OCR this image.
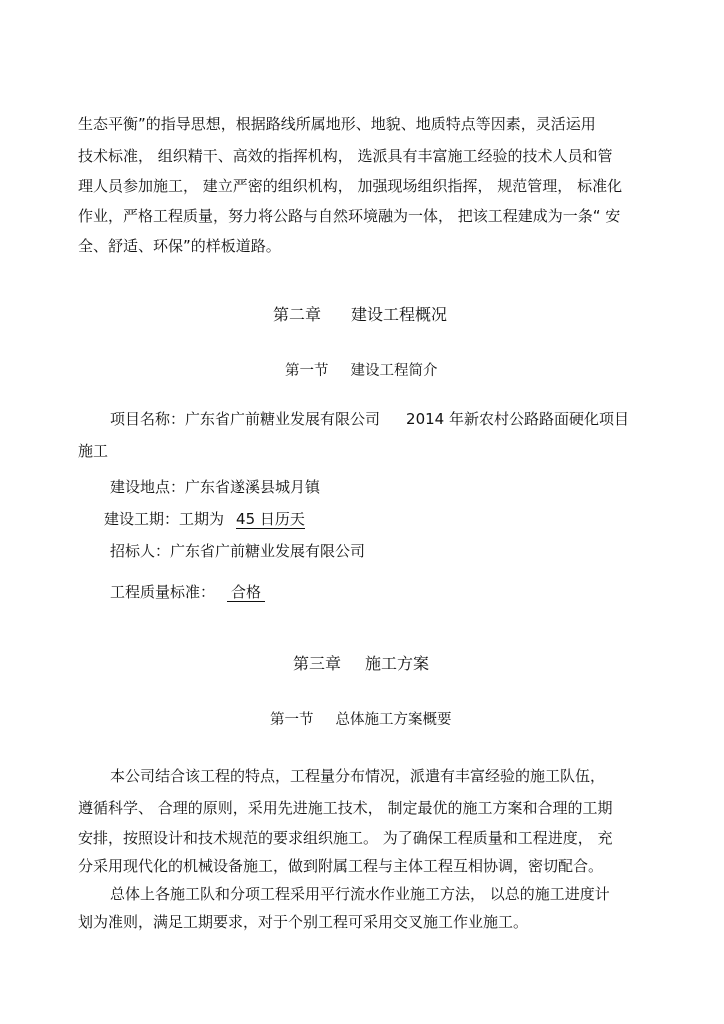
生态平衡”的指导思想，根据路线所属地形、地貌、地质特点等因素，灵活运用
技术标准， 组织精干、高效的指挥机构， 选派具有丰富施工经验的技术人员和管
理人员参加施工， 建立严密的组织机构， 加强现场组织指挥， 规范管理， 标准化
作业，严格工程质量，努力将公路与自然环境融为一体， 把该工程建成为一条“ 安
全、舒适、环保”的样板道路。
第二章 建设工程概况
第一节 建设工程简介
项目名称：广东省广前糖业发展有限公司 2014 年新农村公路路面硬化项目
施工
建设地点：广东省遂溪县城月镇
建设工期：工期为 45 日历天
招标人：广东省广前糖业发展有限公司
工程质量标准： 合格
第三章 施工方案
第一节 总体施工方案概要
本公司结合该工程的特点，工程量分布情况，派遣有丰富经验的施工队伍，
遵循科学、 合理的原则，采用先进施工技术， 制定最优的施工方案和合理的工期
安排，按照设计和技术规范的要求组织施工。 为了确保工程质量和工程进度， 充
分采用现代化的机械设备施工，做到附属工程与主体工程互相协调，密切配合。
总体上各施工队和分项工程采用平行流水作业施工方法， 以总的施工进度计
划为准则，满足工期要求，对于个别工程可采用交叉施工作业施工。
